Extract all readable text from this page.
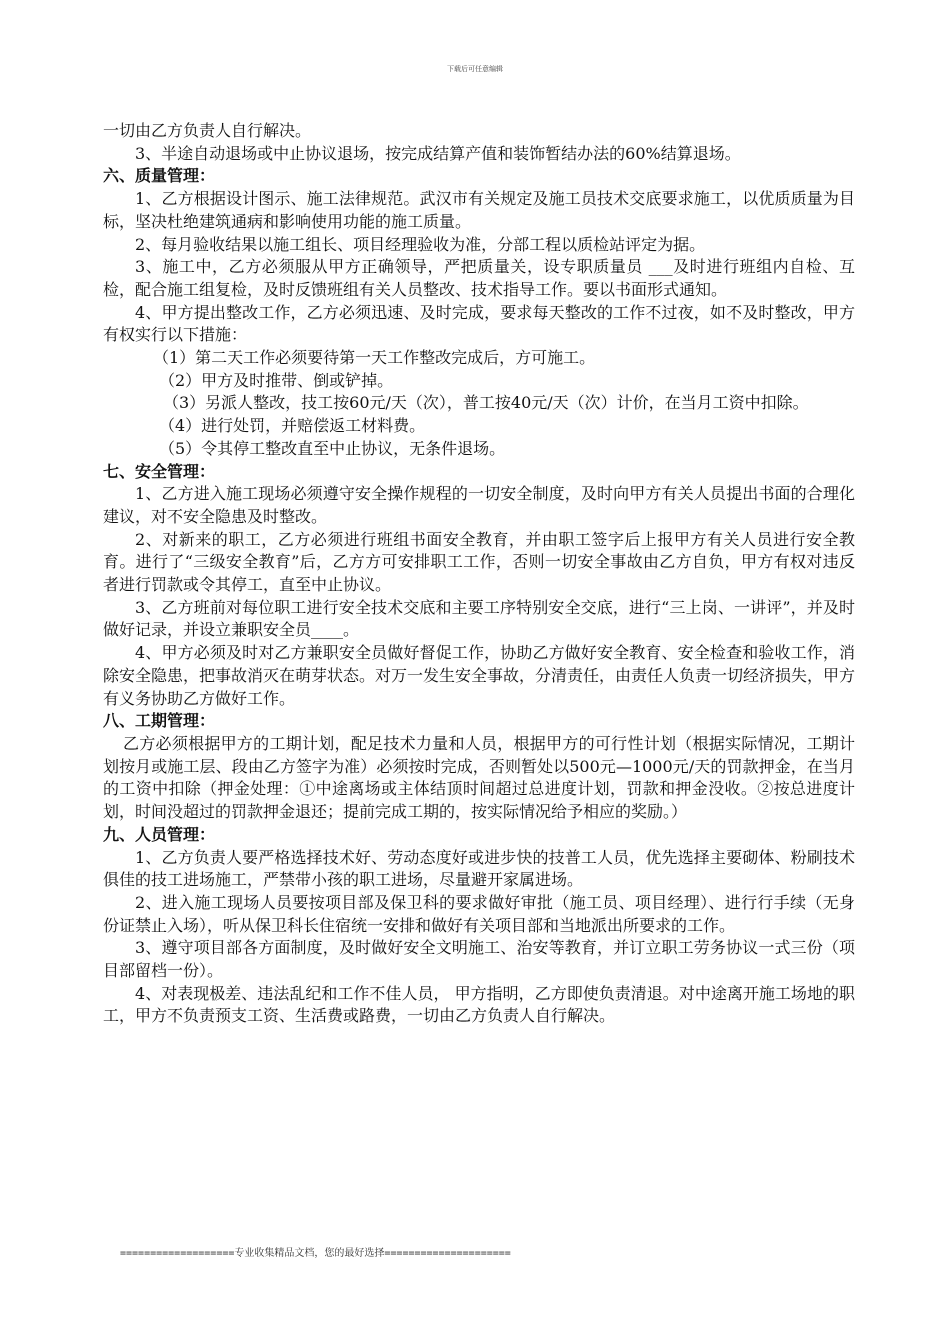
下载后可任意编辑

一切由乙方负责人自行解决。

3、半途自动退场或中止协议退场，按完成结算产值和装饰暂结办法的60%结算退场。

六、质量管理：

1、乙方根据设计图示、施工法律规范。武汉市有关规定及施工员技术交底要求施工，以优质质量为目标，坚决杜绝建筑通病和影响使用功能的施工质量。

2、每月验收结果以施工组长、项目经理验收为准，分部工程以质检站评定为据。

3、施工中，乙方必须服从甲方正确领导，严把质量关，设专职质量员 ___及时进行班组内自检、互检，配合施工组复检，及时反馈班组有关人员整改、技术指导工作。要以书面形式通知。

4、甲方提出整改工作，乙方必须迅速、及时完成，要求每天整改的工作不过夜，如不及时整改，甲方有权实行以下措施：

（1）第二天工作必须要待第一天工作整改完成后，方可施工。

（2）甲方及时推带、倒或铲掉。

（3）另派人整改，技工按60元/天（次），普工按40元/天（次）计价，在当月工资中扣除。

（4）进行处罚，并赔偿返工材料费。

（5）令其停工整改直至中止协议，无条件退场。

七、安全管理：

1、乙方进入施工现场必须遵守安全操作规程的一切安全制度，及时向甲方有关人员提出书面的合理化建议，对不安全隐患及时整改。

2、对新来的职工，乙方必须进行班组书面安全教育，并由职工签字后上报甲方有关人员进行安全教育。进行了“三级安全教育”后，乙方方可安排职工工作，否则一切安全事故由乙方自负，甲方有权对违反者进行罚款或令其停工，直至中止协议。

3、乙方班前对每位职工进行安全技术交底和主要工序特别安全交底，进行“三上岗、一讲评”，并及时做好记录，并设立兼职安全员____。

4、甲方必须及时对乙方兼职安全员做好督促工作，协助乙方做好安全教育、安全检查和验收工作，消除安全隐患，把事故消灭在萌芽状态。对万一发生安全事故，分清责任，由责任人负责一切经济损失，甲方有义务协助乙方做好工作。

八、工期管理：

乙方必须根据甲方的工期计划，配足技术力量和人员，根据甲方的可行性计划（根据实际情况，工期计划按月或施工层、段由乙方签字为准）必须按时完成，否则暂处以500元—1000元/天的罚款押金，在当月的工资中扣除（押金处理：①中途离场或主体结顶时间超过总进度计划，罚款和押金没收。②按总进度计划，时间没超过的罚款押金退还；提前完成工期的，按实际情况给予相应的奖励。）

九、人员管理：

1、乙方负责人要严格选择技术好、劳动态度好或进步快的技普工人员，优先选择主要砌体、粉刷技术俱佳的技工进场施工，严禁带小孩的职工进场，尽量避开家属进场。

2、进入施工现场人员要按项目部及保卫科的要求做好审批（施工员、项目经理）、进行行手续（无身份证禁止入场），听从保卫科长住宿统一安排和做好有关项目部和当地派出所要求的工作。

3、遵守项目部各方面制度，及时做好安全文明施工、治安等教育，并订立职工劳务协议一式三份（项目部留档一份）。

4、对表现极差、违法乱纪和工作不佳人员， 甲方指明，乙方即使负责清退。对中途离开施工场地的职工，甲方不负责预支工资、生活费或路费，一切由乙方负责人自行解决。

===================专业收集精品文档，您的最好选择=====================
